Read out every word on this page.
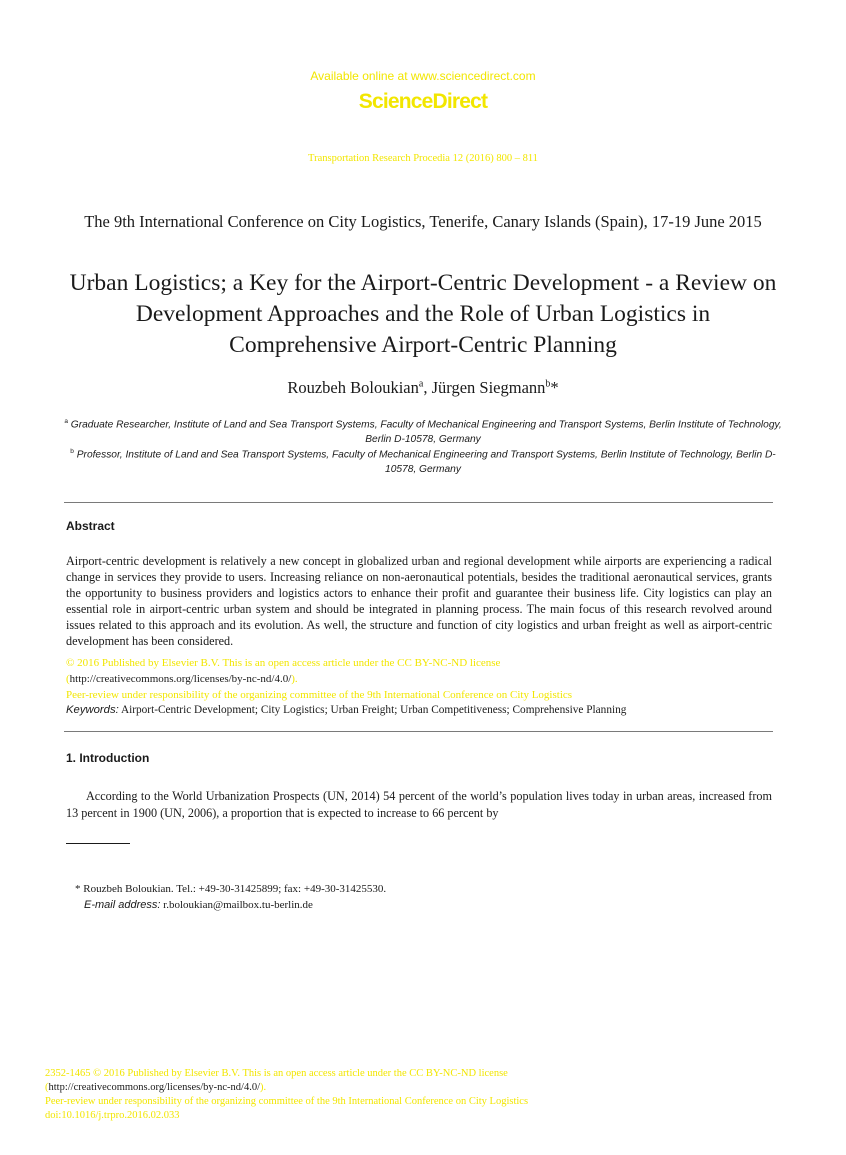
Available online at www.sciencedirect.com
ScienceDirect
Transportation Research Procedia 12 (2016) 800 – 811
The 9th International Conference on City Logistics, Tenerife, Canary Islands (Spain), 17-19 June 2015
Urban Logistics; a Key for the Airport-Centric Development - a Review on Development Approaches and the Role of Urban Logistics in Comprehensive Airport-Centric Planning
Rouzbeh Boloukian$^a$, Jürgen Siegmann$^b$*
$^a$ Graduate Researcher, Institute of Land and Sea Transport Systems, Faculty of Mechanical Engineering and Transport Systems, Berlin Institute of Technology, Berlin D-10578, Germany
$^b$ Professor, Institute of Land and Sea Transport Systems, Faculty of Mechanical Engineering and Transport Systems, Berlin Institute of Technology, Berlin D-10578, Germany
Abstract
Airport-centric development is relatively a new concept in globalized urban and regional development while airports are experiencing a radical change in services they provide to users. Increasing reliance on non-aeronautical potentials, besides the traditional aeronautical services, grants the opportunity to business providers and logistics actors to enhance their profit and guarantee their business life. City logistics can play an essential role in airport-centric urban system and should be integrated in planning process. The main focus of this research revolved around issues related to this approach and its evolution. As well, the structure and function of city logistics and urban freight as well as airport-centric development has been considered.
© 2016 Published by Elsevier B.V. This is an open access article under the CC BY-NC-ND license
(http://creativecommons.org/licenses/by-nc-nd/4.0/).
Peer-review under responsibility of the organizing committee of the 9th International Conference on City Logistics
Keywords: Airport-Centric Development; City Logistics; Urban Freight; Urban Competitiveness; Comprehensive Planning
1. Introduction
According to the World Urbanization Prospects (UN, 2014) 54 percent of the world’s population lives today in urban areas, increased from 13 percent in 1900 (UN, 2006), a proportion that is expected to increase to 66 percent by
* Rouzbeh Boloukian. Tel.: +49-30-31425899; fax: +49-30-31425530.
E-mail address: r.boloukian@mailbox.tu-berlin.de
2352-1465 © 2016 Published by Elsevier B.V. This is an open access article under the CC BY-NC-ND license
(http://creativecommons.org/licenses/by-nc-nd/4.0/).
Peer-review under responsibility of the organizing committee of the 9th International Conference on City Logistics
doi:10.1016/j.trpro.2016.02.033
